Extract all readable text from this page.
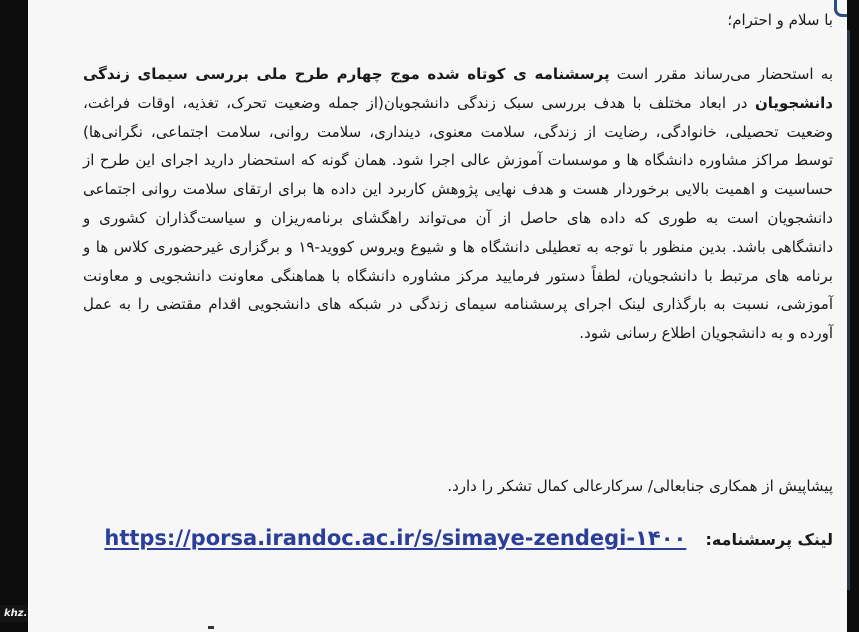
khz.

با سلام و احترام؛

به استحضار می‌رساند مقرر است پرسشنامه ی کوتاه شده موج چهارم طرح ملی بررسی سیمای زندگی دانشجویان در ابعاد مختلف با هدف بررسی سبک زندگی دانشجویان(از جمله وضعیت تحرک، تغذیه، اوقات فراغت، وضعیت تحصیلی، خانوادگی، رضایت از زندگی، سلامت معنوی، دینداری، سلامت روانی، سلامت اجتماعی، نگرانی‌ها) توسط مراکز مشاوره دانشگاه ها و موسسات آموزش عالی اجرا شود. همان گونه که استحضار دارید اجرای این طرح از حساسیت و اهمیت بالایی برخوردار هست و هدف نهایی پژوهش کاربرد این داده ها برای ارتقای سلامت روانی اجتماعی دانشجویان است به طوری که داده های حاصل از آن می‌تواند راهگشای برنامه‌ریزان و سیاست‌گذاران کشوری و دانشگاهی باشد. بدین منظور با توجه به تعطیلی دانشگاه ها و شیوع ویروس کووید-۱۹ و برگزاری غیرحضوری کلاس ها و برنامه های مرتبط با دانشجویان، لطفاً دستور فرمایید مرکز مشاوره دانشگاه با هماهنگی معاونت دانشجویی و معاونت آموزشی، نسبت به بارگذاری لینک اجرای پرسشنامه سیمای زندگی در شبکه های دانشجویی اقدام مقتضی را به عمل آورده و به دانشجویان اطلاع رسانی شود.

پیشاپیش از همکاری جنابعالی/ سرکارعالی کمال تشکر را دارد.

لینک پرسشنامه: https://porsa.irandoc.ac.ir/s/simaye-zendegi-۱۴۰۰
